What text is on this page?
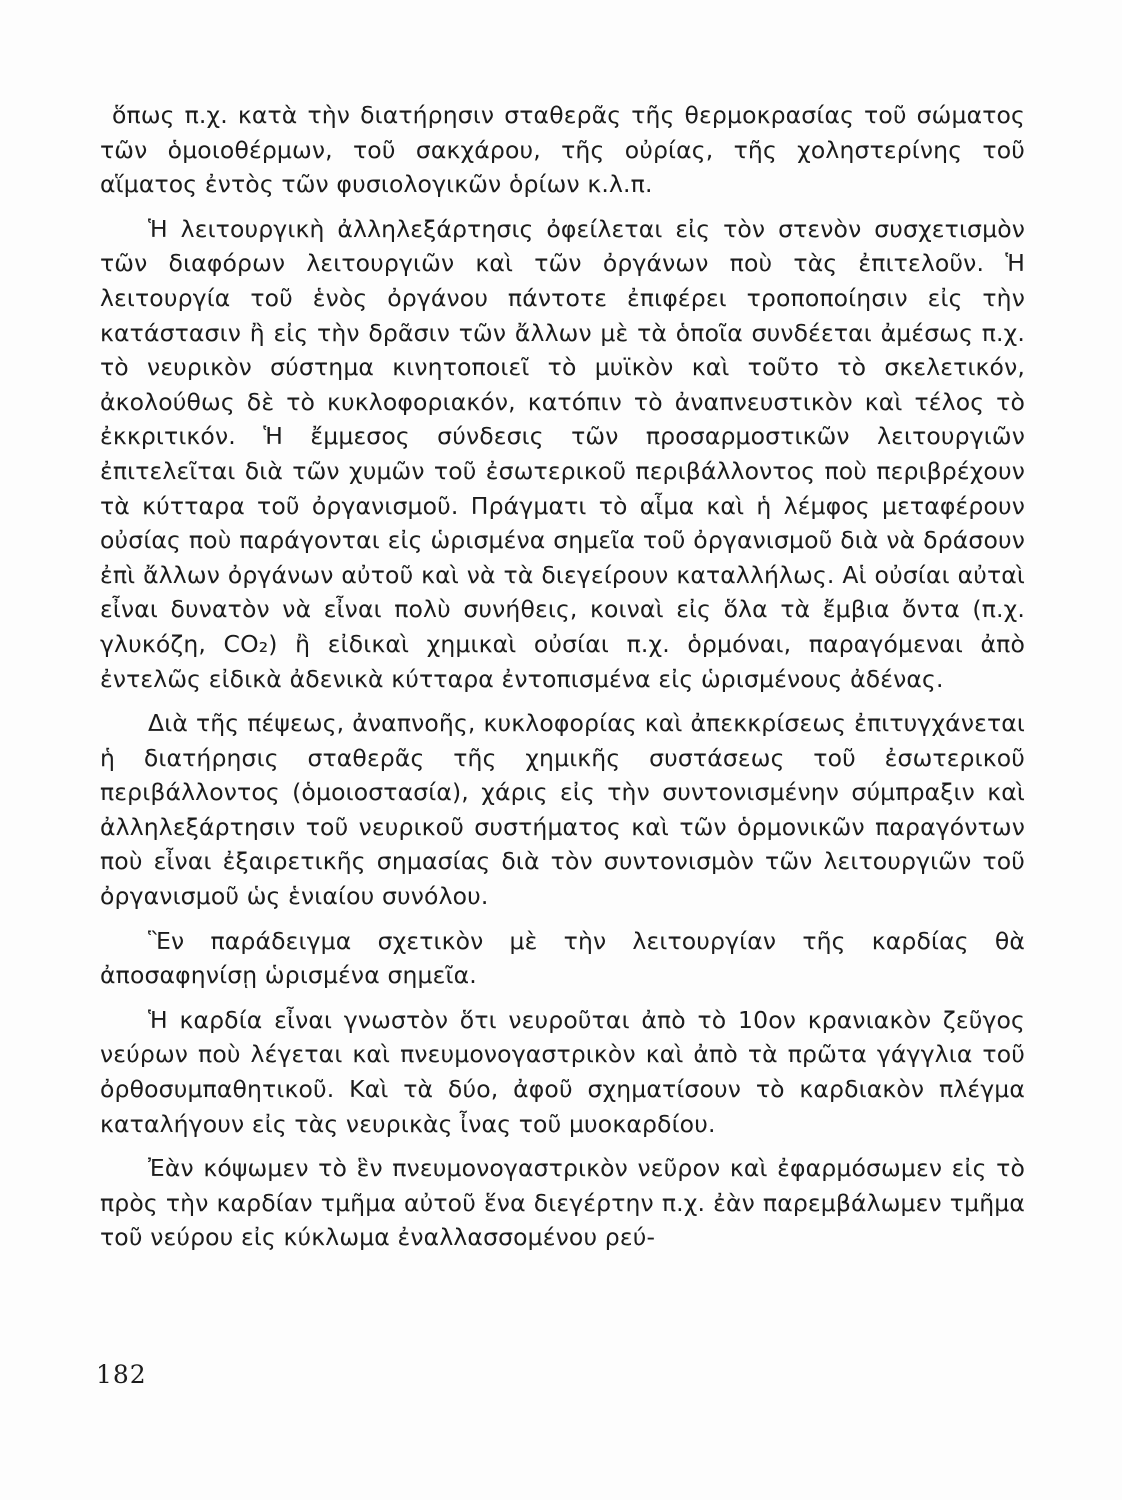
ὅπως π.χ. κατὰ τὴν διατήρησιν σταθερᾶς τῆς θερμοκρασίας τοῦ σώματος τῶν ὁμοιοθέρμων, τοῦ σακχάρου, τῆς οὐρίας, τῆς χοληστερίνης τοῦ αἵματος ἐντὸς τῶν φυσιολογικῶν ὁρίων κ.λ.π.

Ἡ λειτουργικὴ ἀλληλεξάρτησις ὀφείλεται εἰς τὸν στενὸν συσχετισμὸν τῶν διαφόρων λειτουργιῶν καὶ τῶν ὀργάνων ποὺ τὰς ἐπιτελοῦν. Ἡ λειτουργία τοῦ ἑνὸς ὀργάνου πάντοτε ἐπιφέρει τροποποίησιν εἰς τὴν κατάστασιν ἢ εἰς τὴν δρᾶσιν τῶν ἄλλων μὲ τὰ ὁποῖα συνδέεται ἀμέσως π.χ. τὸ νευρικὸν σύστημα κινητοποιεῖ τὸ μυϊκὸν καὶ τοῦτο τὸ σκελετικόν, ἀκολούθως δὲ τὸ κυκλοφοριακόν, κατόπιν τὸ ἀναπνευστικὸν καὶ τέλος τὸ ἐκκριτικόν. Ἡ ἔμμεσος σύνδεσις τῶν προσαρμοστικῶν λειτουργιῶν ἐπιτελεῖται διὰ τῶν χυμῶν τοῦ ἐσωτερικοῦ περιβάλλοντος ποὺ περιβρέχουν τὰ κύτταρα τοῦ ὀργανισμοῦ. Πράγματι τὸ αἷμα καὶ ἡ λέμφος μεταφέρουν οὐσίας ποὺ παράγονται εἰς ὡρισμένα σημεῖα τοῦ ὀργανισμοῦ διὰ νὰ δράσουν ἐπὶ ἄλλων ὀργάνων αὐτοῦ καὶ νὰ τὰ διεγείρουν καταλλήλως. Αἱ οὐσίαι αὐταὶ εἶναι δυνατὸν νὰ εἶναι πολὺ συνήθεις, κοιναὶ εἰς ὅλα τὰ ἔμβια ὄντα (π.χ. γλυκόζη, CO₂) ἢ εἰδικαὶ χημικαὶ οὐσίαι π.χ. ὁρμόναι, παραγόμεναι ἀπὸ ἐντελῶς εἰδικὰ ἀδενικὰ κύτταρα ἐντοπισμένα εἰς ὡρισμένους ἀδένας.

Διὰ τῆς πέψεως, ἀναπνοῆς, κυκλοφορίας καὶ ἀπεκκρίσεως ἐπιτυγχάνεται ἡ διατήρησις σταθερᾶς τῆς χημικῆς συστάσεως τοῦ ἐσωτερικοῦ περιβάλλοντος (ὁμοιοστασία), χάρις εἰς τὴν συντονισμένην σύμπραξιν καὶ ἀλληλεξάρτησιν τοῦ νευρικοῦ συστήματος καὶ τῶν ὁρμονικῶν παραγόντων ποὺ εἶναι ἐξαιρετικῆς σημασίας διὰ τὸν συντονισμὸν τῶν λειτουργιῶν τοῦ ὀργανισμοῦ ὡς ἑνιαίου συνόλου.

Ἓν παράδειγμα σχετικὸν μὲ τὴν λειτουργίαν τῆς καρδίας θὰ ἀποσαφηνίσῃ ὡρισμένα σημεῖα.

Ἡ καρδία εἶναι γνωστὸν ὅτι νευροῦται ἀπὸ τὸ 10ον κρανιακὸν ζεῦγος νεύρων ποὺ λέγεται καὶ πνευμονογαστρικὸν καὶ ἀπὸ τὰ πρῶτα γάγγλια τοῦ ὀρθοσυμπαθητικοῦ. Καὶ τὰ δύο, ἀφοῦ σχηματίσουν τὸ καρδιακὸν πλέγμα καταλήγουν εἰς τὰς νευρικὰς ἶνας τοῦ μυοκαρδίου.

Ἐὰν κόψωμεν τὸ ἓν πνευμονογαστρικὸν νεῦρον καὶ ἐφαρμόσωμεν εἰς τὸ πρὸς τὴν καρδίαν τμῆμα αὐτοῦ ἕνα διεγέρτην π.χ. ἐὰν παρεμβάλωμεν τμῆμα τοῦ νεύρου εἰς κύκλωμα ἐναλλασσομένου ρεύ-

182
